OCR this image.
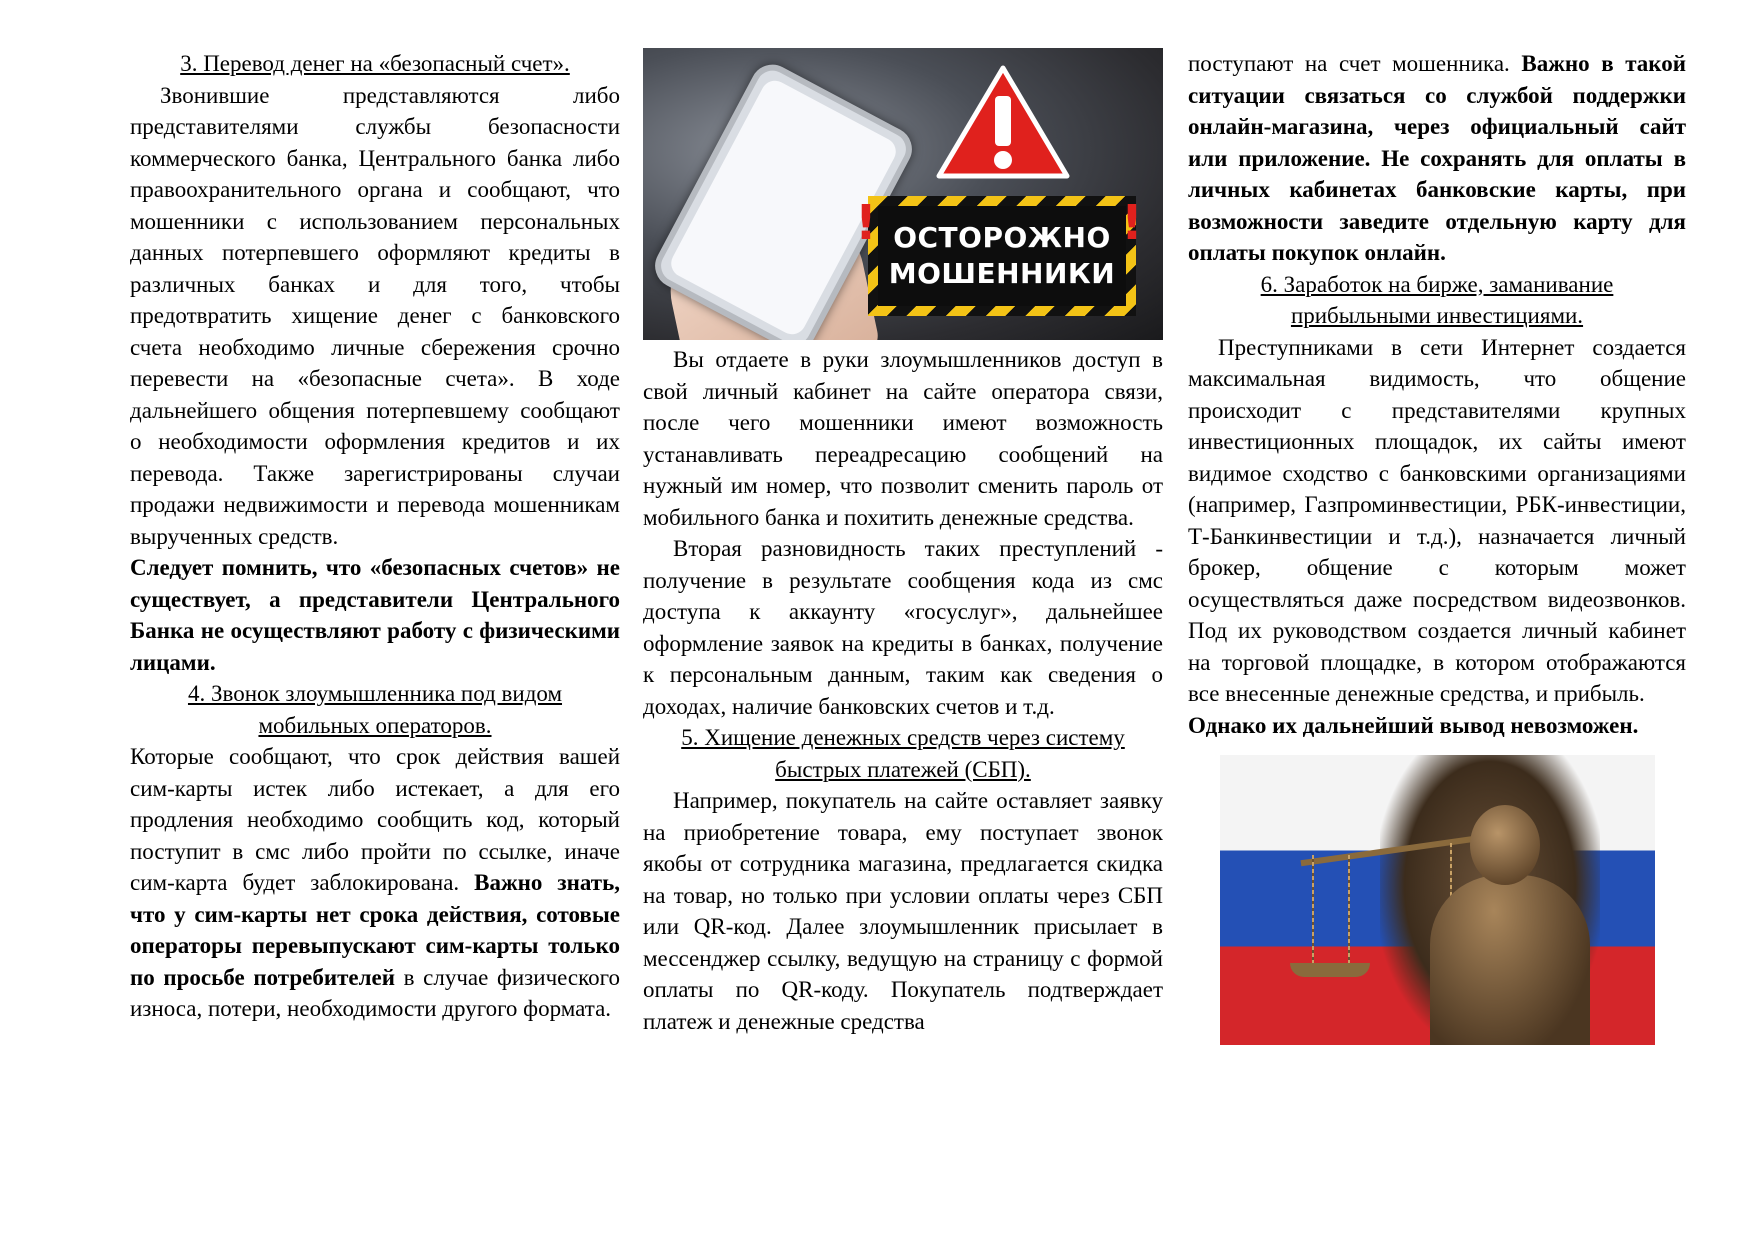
3. Перевод денег на «безопасный счет».

Звонившие представляются либо представителями службы безопасности коммерческого банка, Центрального банка либо правоохранительного органа и сообщают, что мошенники с использованием персональных данных потерпевшего оформляют кредиты в различных банках и для того, чтобы предотвратить хищение денег с банковского счета необходимо личные сбережения срочно перевести на «безопасные счета». В ходе дальнейшего общения потерпевшему сообщают о необходимости оформления кредитов и их перевода. Также зарегистрированы случаи продажи недвижимости и перевода мошенникам вырученных средств.

Следует помнить, что «безопасных счетов» не существует, а представители Центрального Банка не осуществляют работу с физическими лицами.

4. Звонок злоумышленника под видом мобильных операторов.

Которые сообщают, что срок действия вашей сим-карты истек либо истекает, а для его продления необходимо сообщить код, который поступит в смс либо пройти по ссылке, иначе сим-карта будет заблокирована. Важно знать, что у сим-карты нет срока действия, сотовые операторы перевыпускают сим-карты только по просьбе потребителей в случае физического износа, потери, необходимости другого формата.

ОСТОРОЖНО
МОШЕННИКИ
!	!

Вы отдаете в руки злоумышленников доступ в свой личный кабинет на сайте оператора связи, после чего мошенники имеют возможность устанавливать переадресацию сообщений на нужный им номер, что позволит сменить пароль от мобильного банка и похитить денежные средства.

Вторая разновидность таких преступлений - получение в результате сообщения кода из смс доступа к аккаунту «госуслуг», дальнейшее оформление заявок на кредиты в банках, получение к персональным данным, таким как сведения о доходах, наличие банковских счетов и т.д.

5. Хищение денежных средств через систему быстрых платежей (СБП).

Например, покупатель на сайте оставляет заявку на приобретение товара, ему поступает звонок якобы от сотрудника магазина, предлагается скидка на товар, но только при условии оплаты через СБП или QR-код. Далее злоумышленник присылает в мессенджер ссылку, ведущую на страницу с формой оплаты по QR-коду. Покупатель подтверждает платеж и денежные средства

поступают на счет мошенника. Важно в такой ситуации связаться со службой поддержки онлайн-магазина, через официальный сайт или приложение. Не сохранять для оплаты в личных кабинетах банковские карты, при возможности заведите отдельную карту для оплаты покупок онлайн.

6. Заработок на бирже, заманивание прибыльными инвестициями.

Преступниками в сети Интернет создается максимальная видимость, что общение происходит с представителями крупных инвестиционных площадок, их сайты имеют видимое сходство с банковскими организациями (например, Газпроминвестиции, РБК-инвестиции, Т-Банкинвестиции и т.д.), назначается личный брокер, общение с которым может осуществляться даже посредством видеозвонков. Под их руководством создается личный кабинет на торговой площадке, в котором отображаются все внесенные денежные средства, и прибыль.

Однако их дальнейший вывод невозможен.
